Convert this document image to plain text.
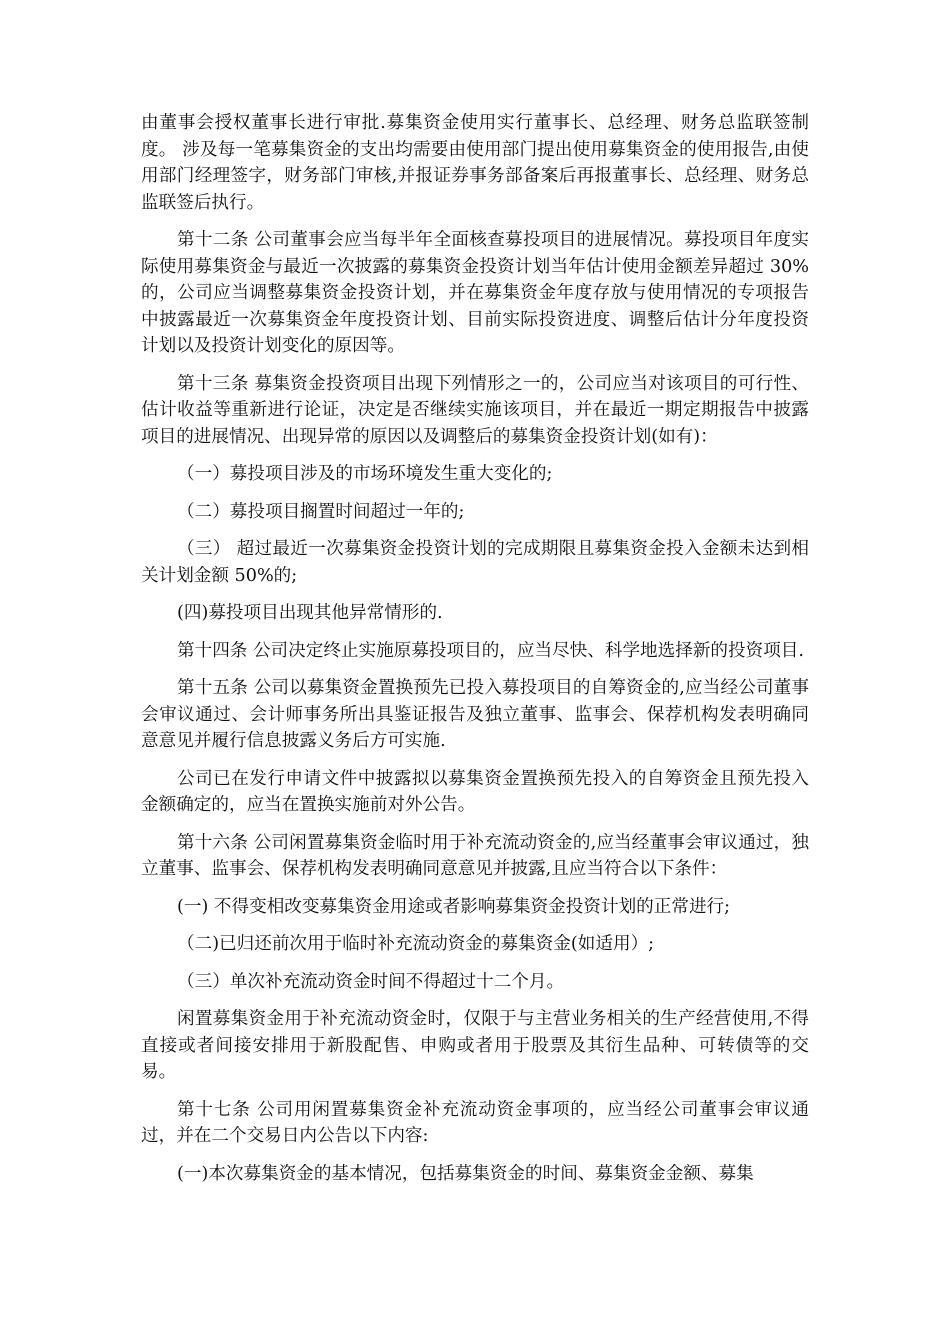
由董事会授权董事长进行审批.募集资金使用实行董事长、总经理、财务总监联签制度。 涉及每一笔募集资金的支出均需要由使用部门提出使用募集资金的使用报告,由使用部门经理签字，财务部门审核,并报证券事务部备案后再报董事长、总经理、财务总监联签后执行。

第十二条 公司董事会应当每半年全面核查募投项目的进展情况。募投项目年度实际使用募集资金与最近一次披露的募集资金投资计划当年估计使用金额差异超过 30%的，公司应当调整募集资金投资计划，并在募集资金年度存放与使用情况的专项报告中披露最近一次募集资金年度投资计划、目前实际投资进度、调整后估计分年度投资计划以及投资计划变化的原因等。

第十三条 募集资金投资项目出现下列情形之一的，公司应当对该项目的可行性、估计收益等重新进行论证，决定是否继续实施该项目，并在最近一期定期报告中披露项目的进展情况、出现异常的原因以及调整后的募集资金投资计划(如有)：

（一）募投项目涉及的市场环境发生重大变化的;

（二）募投项目搁置时间超过一年的;

（三） 超过最近一次募集资金投资计划的完成期限且募集资金投入金额未达到相关计划金额 50%的;

(四)募投项目出现其他异常情形的.

第十四条 公司决定终止实施原募投项目的，应当尽快、科学地选择新的投资项目.

第十五条 公司以募集资金置换预先已投入募投项目的自筹资金的,应当经公司董事会审议通过、会计师事务所出具鉴证报告及独立董事、监事会、保荐机构发表明确同意意见并履行信息披露义务后方可实施.

公司已在发行申请文件中披露拟以募集资金置换预先投入的自筹资金且预先投入金额确定的，应当在置换实施前对外公告。

第十六条 公司闲置募集资金临时用于补充流动资金的,应当经董事会审议通过，独立董事、监事会、保荐机构发表明确同意意见并披露,且应当符合以下条件：

(一) 不得变相改变募集资金用途或者影响募集资金投资计划的正常进行;

（二)已归还前次用于临时补充流动资金的募集资金(如适用）;

（三）单次补充流动资金时间不得超过十二个月。

闲置募集资金用于补充流动资金时，仅限于与主营业务相关的生产经营使用,不得直接或者间接安排用于新股配售、申购或者用于股票及其衍生品种、可转债等的交易。

第十七条 公司用闲置募集资金补充流动资金事项的，应当经公司董事会审议通过，并在二个交易日内公告以下内容:

(一)本次募集资金的基本情况，包括募集资金的时间、募集资金金额、募集
